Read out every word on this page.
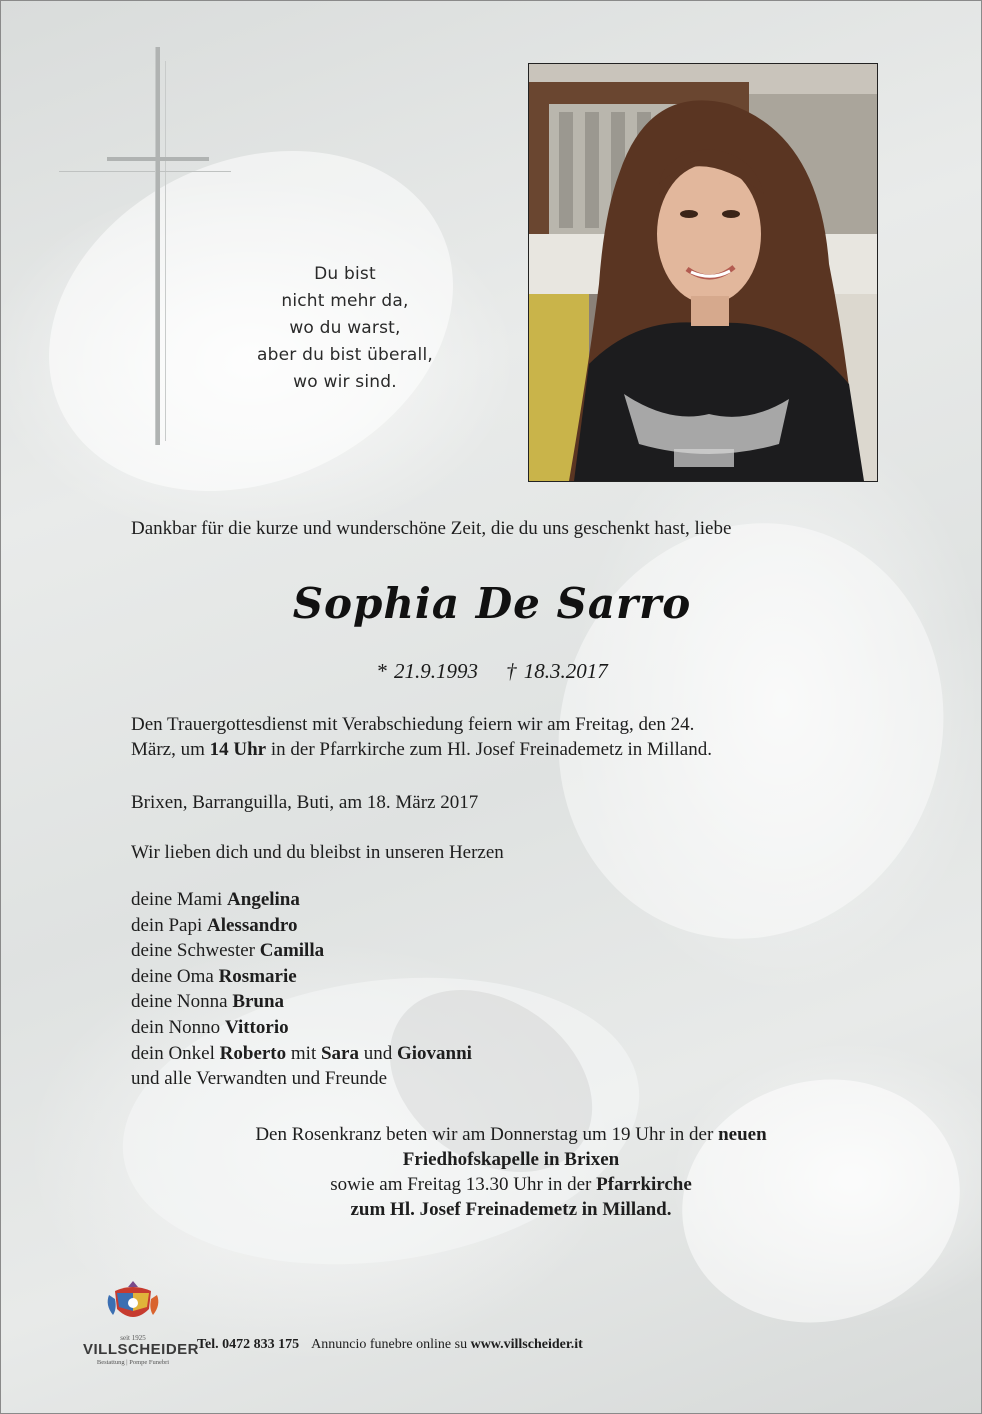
Du bist
nicht mehr da,
wo du warst,
aber du bist überall,
wo wir sind.
Dankbar für die kurze und wunderschöne Zeit, die du uns geschenkt hast, liebe
Sophia De Sarro
* 21.9.1993 † 18.3.2017
Den Trauergottesdienst mit Verabschiedung feiern wir am Freitag, den 24.
März, um 14 Uhr in der Pfarrkirche zum Hl. Josef Freinademetz in Milland.
Brixen, Barranguilla, Buti, am 18. März 2017
Wir lieben dich und du bleibst in unseren Herzen
deine Mami Angelina
dein Papi Alessandro
deine Schwester Camilla
deine Oma Rosmarie
deine Nonna Bruna
dein Nonno Vittorio
dein Onkel Roberto mit Sara und Giovanni
und alle Verwandten und Freunde
Den Rosenkranz beten wir am Donnerstag um 19 Uhr in der neuen
Friedhofskapelle in Brixen
sowie am Freitag 13.30 Uhr in der Pfarrkirche
zum Hl. Josef Freinademetz in Milland.
seit 1925
VILLSCHEIDER
Bestattung | Pompe Funebri
Tel. 0472 833 175 Annuncio funebre online su www.villscheider.it
